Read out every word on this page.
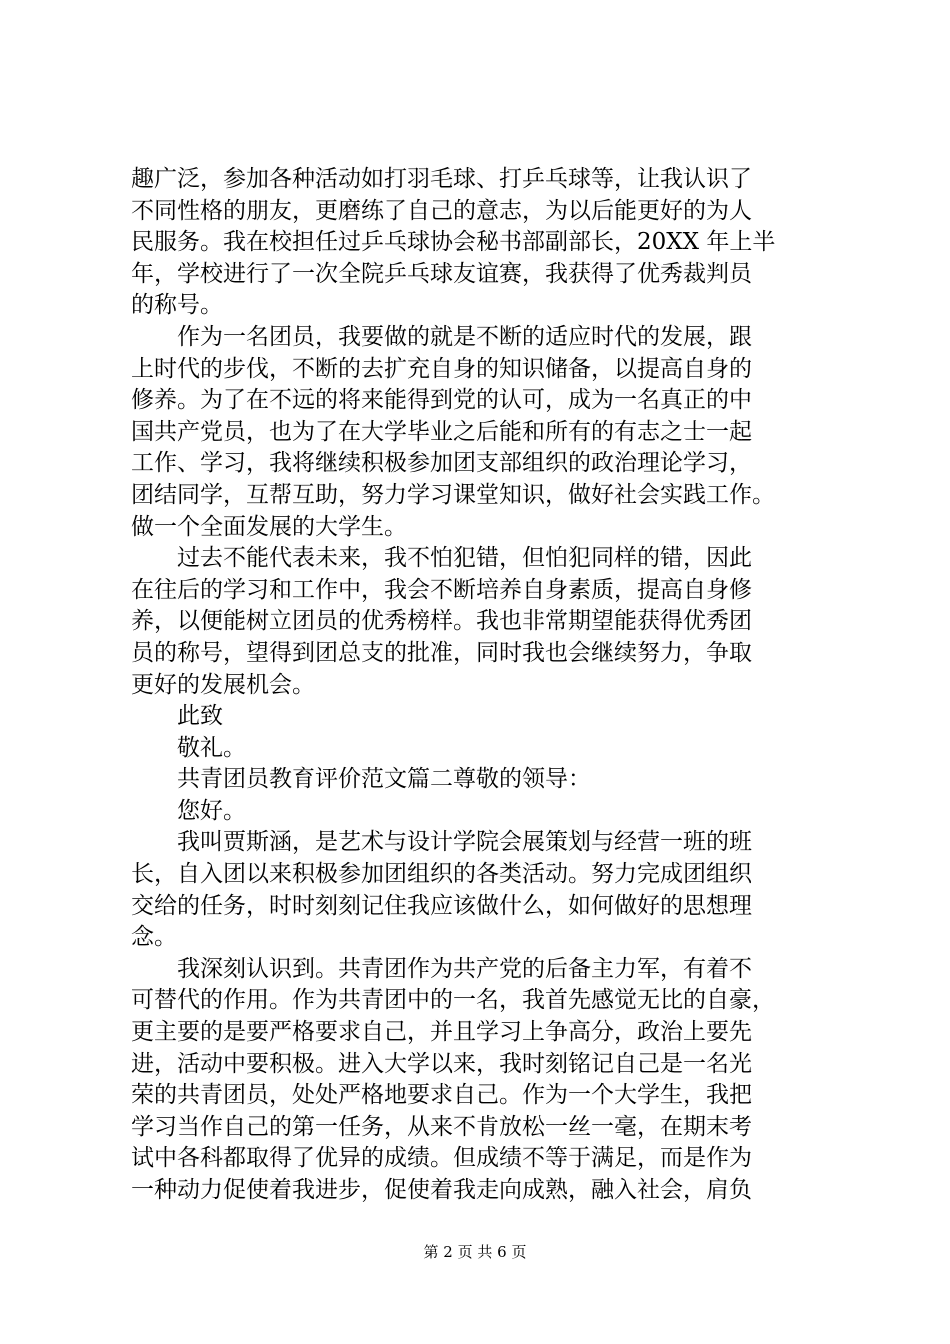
趣广泛，参加各种活动如打羽毛球、打乒乓球等，让我认识了
不同性格的朋友，更磨练了自己的意志，为以后能更好的为人
民服务。我在校担任过乒乓球协会秘书部副部长，20XX 年上半
年，学校进行了一次全院乒乓球友谊赛，我获得了优秀裁判员
的称号。
作为一名团员，我要做的就是不断的适应时代的发展，跟
上时代的步伐，不断的去扩充自身的知识储备，以提高自身的
修养。为了在不远的将来能得到党的认可，成为一名真正的中
国共产党员，也为了在大学毕业之后能和所有的有志之士一起
工作、学习，我将继续积极参加团支部组织的政治理论学习，
团结同学，互帮互助，努力学习课堂知识，做好社会实践工作。
做一个全面发展的大学生。
过去不能代表未来，我不怕犯错，但怕犯同样的错，因此
在往后的学习和工作中，我会不断培养自身素质，提高自身修
养，以便能树立团员的优秀榜样。我也非常期望能获得优秀团
员的称号，望得到团总支的批准，同时我也会继续努力，争取
更好的发展机会。
此致
敬礼。
共青团员教育评价范文篇二尊敬的领导：
您好。
我叫贾斯涵，是艺术与设计学院会展策划与经营一班的班
长，自入团以来积极参加团组织的各类活动。努力完成团组织
交给的任务，时时刻刻记住我应该做什么，如何做好的思想理
念。
我深刻认识到。共青团作为共产党的后备主力军，有着不
可替代的作用。作为共青团中的一名，我首先感觉无比的自豪，
更主要的是要严格要求自己，并且学习上争高分，政治上要先
进，活动中要积极。进入大学以来，我时刻铭记自己是一名光
荣的共青团员，处处严格地要求自己。作为一个大学生，我把
学习当作自己的第一任务，从来不肯放松一丝一毫，在期末考
试中各科都取得了优异的成绩。但成绩不等于满足，而是作为
一种动力促使着我进步，促使着我走向成熟，融入社会，肩负
第 2 页 共 6 页
